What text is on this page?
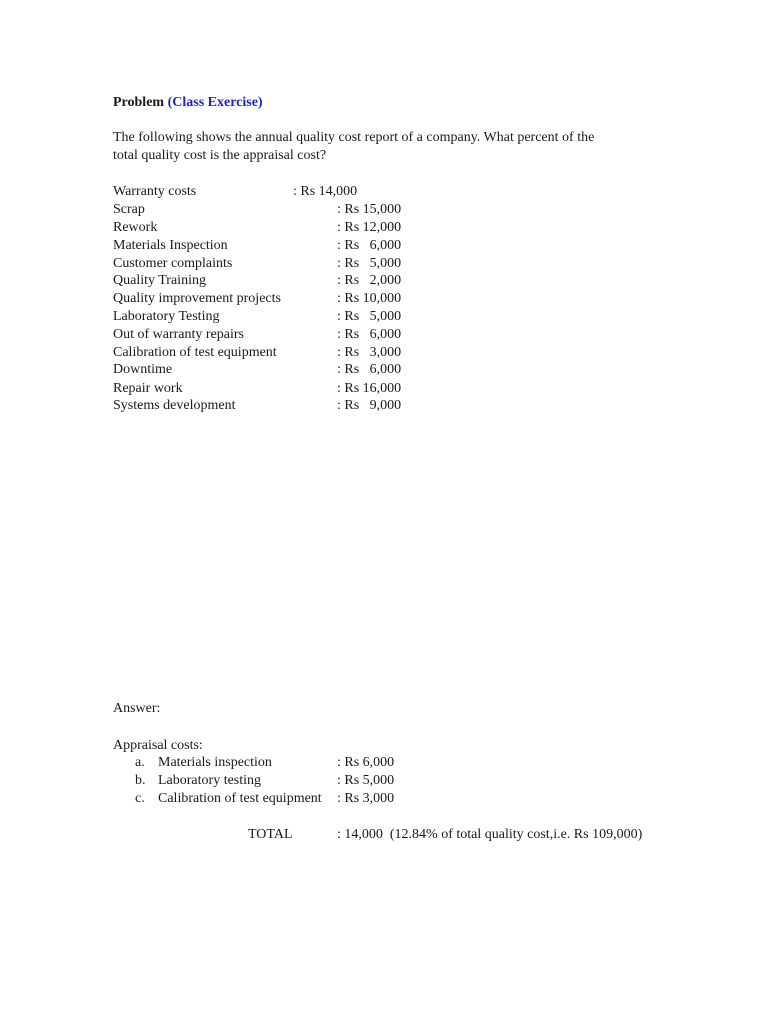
Problem (Class Exercise)
The following shows the annual quality cost report of a company. What percent of the
total quality cost is the appraisal cost?
Warranty costs	: Rs 14,000
Scrap	: Rs 15,000
Rework	: Rs 12,000
Materials Inspection	: Rs   6,000
Customer complaints	: Rs   5,000
Quality Training	: Rs   2,000
Quality improvement projects	: Rs 10,000
Laboratory Testing	: Rs   5,000
Out of warranty repairs	: Rs   6,000
Calibration of test equipment	: Rs   3,000
Downtime	: Rs   6,000
Repair work	: Rs 16,000
Systems development	: Rs   9,000
Answer:
Appraisal costs:
a. Materials inspection	: Rs 6,000
b. Laboratory testing	: Rs 5,000
c. Calibration of test equipment : Rs 3,000
TOTAL	: 14,000  (12.84% of total quality cost,i.e. Rs 109,000)
